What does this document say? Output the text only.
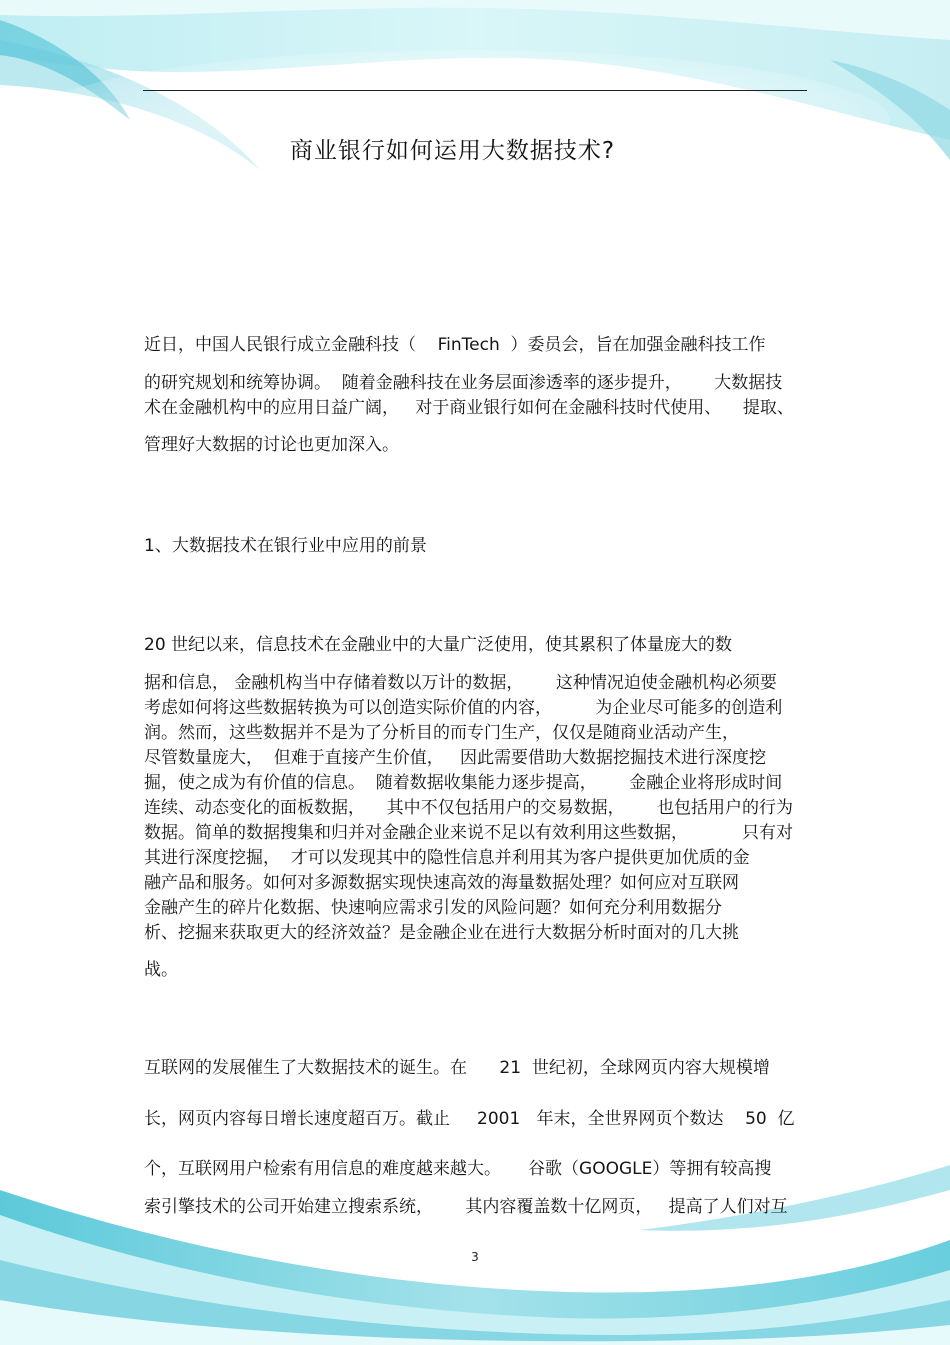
商业银行如何运用大数据技术?
近日，中国人民银行成立金融科技（    FinTech  ）委员会，旨在加强金融科技工作
的研究规划和统筹协调。  随着金融科技在业务层面渗透率的逐步提升，      大数据技
术在金融机构中的应用日益广阔，   对于商业银行如何在金融科技时代使用、    提取、
管理好大数据的讨论也更加深入。
1、大数据技术在银行业中应用的前景
20 世纪以来，信息技术在金融业中的大量广泛使用，使其累积了体量庞大的数
据和信息， 金融机构当中存储着数以万计的数据，      这种情况迫使金融机构必须要
考虑如何将这些数据转换为可以创造实际价值的内容，        为企业尽可能多的创造利
润。然而，这些数据并不是为了分析目的而专门生产，仅仅是随商业活动产生，
尽管数量庞大，  但难于直接产生价值，   因此需要借助大数据挖掘技术进行深度挖
掘，使之成为有价值的信息。  随着数据收集能力逐步提高，      金融企业将形成时间
连续、动态变化的面板数据，    其中不仅包括用户的交易数据，      也包括用户的行为
数据。简单的数据搜集和归并对金融企业来说不足以有效利用这些数据，          只有对
其进行深度挖掘，  才可以发现其中的隐性信息并利用其为客户提供更加优质的金
融产品和服务。如何对多源数据实现快速高效的海量数据处理？如何应对互联网
金融产生的碎片化数据、快速响应需求引发的风险问题？如何充分利用数据分
析、挖掘来获取更大的经济效益？是金融企业在进行大数据分析时面对的几大挑
战。
互联网的发展催生了大数据技术的诞生。在      21  世纪初，全球网页内容大规模增
长，网页内容每日增长速度超百万。截止     2001   年末，全世界网页个数达    50  亿
个，互联网用户检索有用信息的难度越来越大。     谷歌（GOOGLE）等拥有较高搜
索引擎技术的公司开始建立搜索系统，      其内容覆盖数十亿网页，   提高了人们对互
3
